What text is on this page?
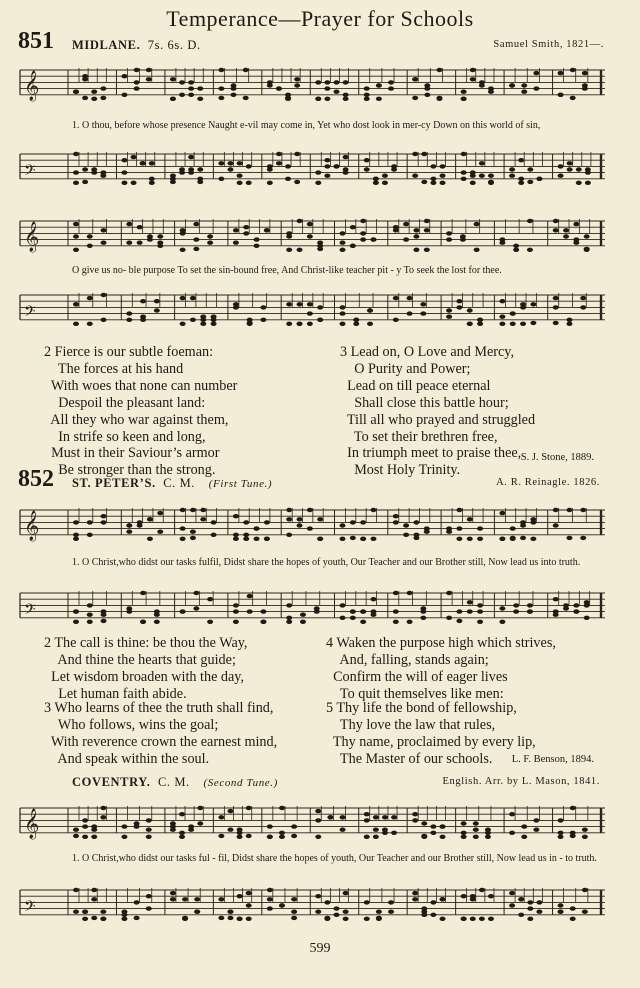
Temperance—Prayer for Schools
851 MIDLANE. 7s. 6s. D.	Samuel Smith, 1821—.
𝄞
1. O thou, before whose presence Naught e-vil may come in, Yet who dost look in mer-cy Down on this world of sin,
𝄢
𝄞
O give us no- ble purpose To set the sin-bound free, And Christ-like teacher pit - y To seek the lost for thee.
𝄢
2 Fierce is our subtle foeman:
The forces at his hand
With woes that none can number
Despoil the pleasant land:
All they who war against them,
In strife so keen and long,
Must in their Saviour’s armor
Be stronger than the strong.
3 Lead on, O Love and Mercy,
O Purity and Power;
Lead on till peace eternal
Shall close this battle hour;
Till all who prayed and struggled
To set their brethren free,
In triumph meet to praise thee,
Most Holy Trinity.
S. J. Stone, 1889.
852 ST. PETER’S. C. M. (First Tune.)	A. R. Reinagle. 1826.
𝄞
1. O Christ,who didst our tasks fulfil, Didst share the hopes of youth, Our Teacher and our Brother still, Now lead us into truth.
𝄢
2 The call is thine: be thou the Way,
And thine the hearts that guide;
Let wisdom broaden with the day,
Let human faith abide.
3 Who learns of thee the truth shall find,
Who follows, wins the goal;
With reverence crown the earnest mind,
And speak within the soul.
4 Waken the purpose high which strives,
And, falling, stands again;
Confirm the will of eager lives
To quit themselves like men:
5 Thy life the bond of fellowship,
Thy love the law that rules,
Thy name, proclaimed by every lip,
The Master of our schools.	L. F. Benson, 1894.
COVENTRY. C. M. (Second Tune.)	English. Arr. by L. Mason, 1841.
𝄞
1. O Christ,who didst our tasks ful - fil, Didst share the hopes of youth, Our Teacher and our Brother still, Now lead us in - to truth.
𝄢
599
